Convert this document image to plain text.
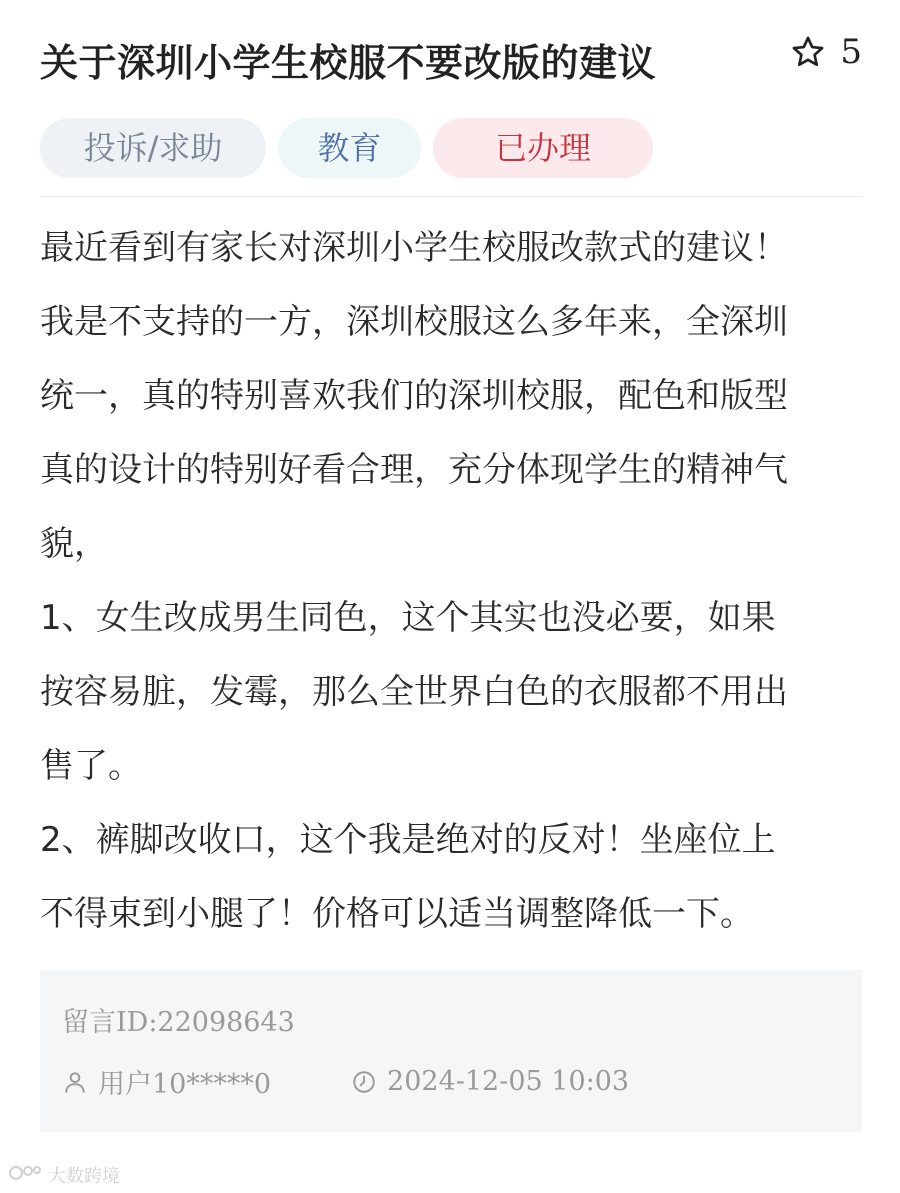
关于深圳小学生校服不要改版的建议	5
投诉/求助	教育	已办理

最近看到有家长对深圳小学生校服改款式的建议！
我是不支持的一方，深圳校服这么多年来，全深圳
统一，真的特别喜欢我们的深圳校服，配色和版型
真的设计的特别好看合理，充分体现学生的精神气
貌，

1、女生改成男生同色，这个其实也没必要，如果
按容易脏，发霉，那么全世界白色的衣服都不用出
售了。

2、裤脚改收口，这个我是绝对的反对！坐座位上
不得束到小腿了！价格可以适当调整降低一下。

留言ID:22098643
用户10*****0	2024-12-05 10:03
大数跨境
